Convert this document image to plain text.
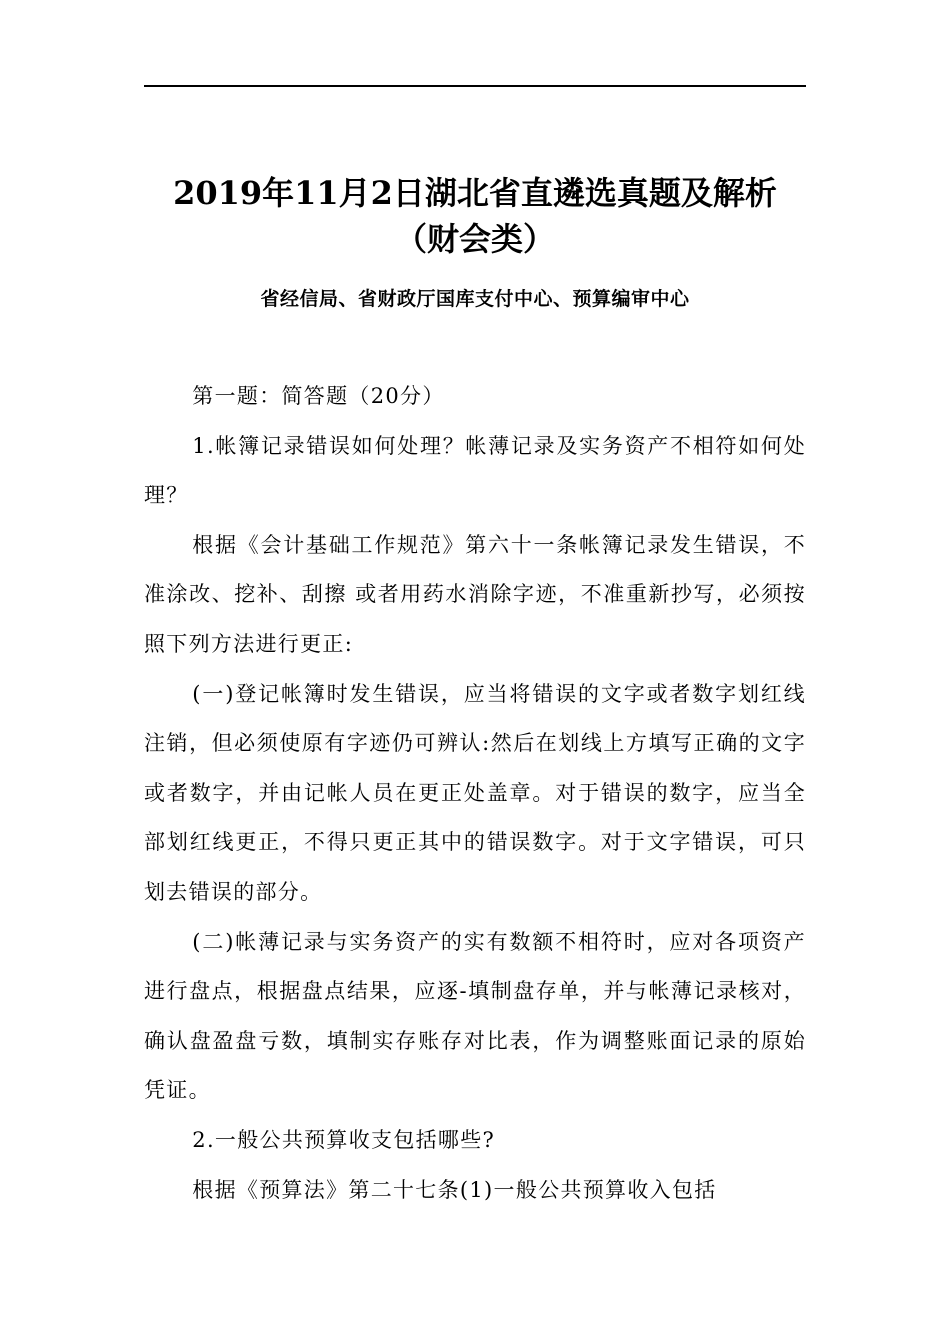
2019年11月2日湖北省直遴选真题及解析
（财会类）
省经信局、省财政厅国库支付中心、预算编审中心

第一题：简答题（20分）

1.帐簿记录错误如何处理？帐薄记录及实务资产不相符如何处理？

根据《会计基础工作规范》第六十一条帐簿记录发生错误，不准涂改、挖补、刮擦 或者用药水消除字迹，不准重新抄写，必须按照下列方法进行更正:

(一)登记帐簿时发生错误，应当将错误的文字或者数字划红线注销，但必须使原有字迹仍可辨认:然后在划线上方填写正确的文字或者数字，并由记帐人员在更正处盖章。对于错误的数字，应当全部划红线更正，不得只更正其中的错误数字。对于文字错误，可只划去错误的部分。

(二)帐薄记录与实务资产的实有数额不相符时，应对各项资产进行盘点，根据盘点结果，应逐-填制盘存单，并与帐薄记录核对，确认盘盈盘亏数，填制实存账存对比表，作为调整账面记录的原始凭证。

2.一般公共预算收支包括哪些?

根据《预算法》第二十七条(1)一般公共预算收入包括
